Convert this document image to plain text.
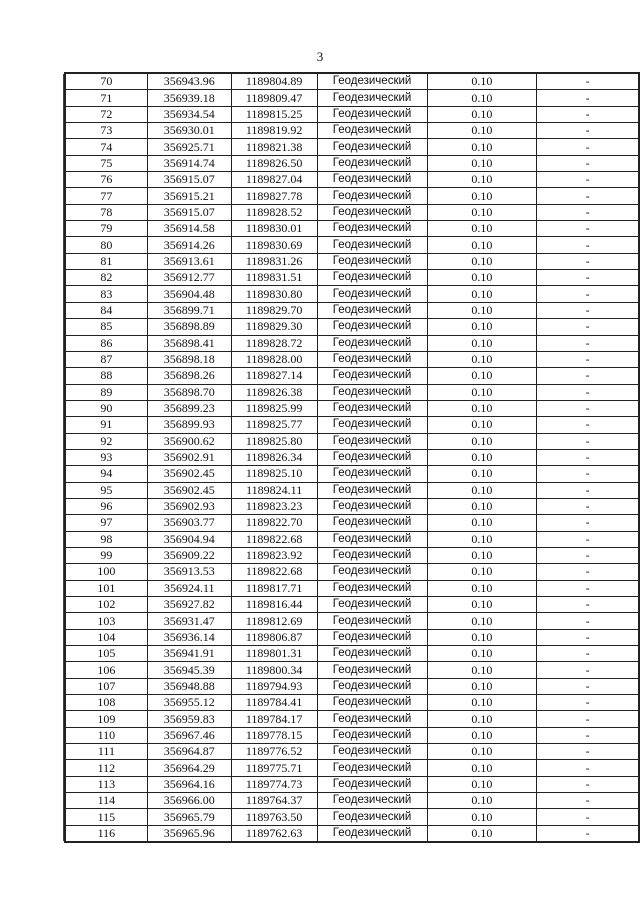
3
70	356943.96	1189804.89	Геодезический	0.10	-
71	356939.18	1189809.47	Геодезический	0.10	-
72	356934.54	1189815.25	Геодезический	0.10	-
73	356930.01	1189819.92	Геодезический	0.10	-
74	356925.71	1189821.38	Геодезический	0.10	-
75	356914.74	1189826.50	Геодезический	0.10	-
76	356915.07	1189827.04	Геодезический	0.10	-
77	356915.21	1189827.78	Геодезический	0.10	-
78	356915.07	1189828.52	Геодезический	0.10	-
79	356914.58	1189830.01	Геодезический	0.10	-
80	356914.26	1189830.69	Геодезический	0.10	-
81	356913.61	1189831.26	Геодезический	0.10	-
82	356912.77	1189831.51	Геодезический	0.10	-
83	356904.48	1189830.80	Геодезический	0.10	-
84	356899.71	1189829.70	Геодезический	0.10	-
85	356898.89	1189829.30	Геодезический	0.10	-
86	356898.41	1189828.72	Геодезический	0.10	-
87	356898.18	1189828.00	Геодезический	0.10	-
88	356898.26	1189827.14	Геодезический	0.10	-
89	356898.70	1189826.38	Геодезический	0.10	-
90	356899.23	1189825.99	Геодезический	0.10	-
91	356899.93	1189825.77	Геодезический	0.10	-
92	356900.62	1189825.80	Геодезический	0.10	-
93	356902.91	1189826.34	Геодезический	0.10	-
94	356902.45	1189825.10	Геодезический	0.10	-
95	356902.45	1189824.11	Геодезический	0.10	-
96	356902.93	1189823.23	Геодезический	0.10	-
97	356903.77	1189822.70	Геодезический	0.10	-
98	356904.94	1189822.68	Геодезический	0.10	-
99	356909.22	1189823.92	Геодезический	0.10	-
100	356913.53	1189822.68	Геодезический	0.10	-
101	356924.11	1189817.71	Геодезический	0.10	-
102	356927.82	1189816.44	Геодезический	0.10	-
103	356931.47	1189812.69	Геодезический	0.10	-
104	356936.14	1189806.87	Геодезический	0.10	-
105	356941.91	1189801.31	Геодезический	0.10	-
106	356945.39	1189800.34	Геодезический	0.10	-
107	356948.88	1189794.93	Геодезический	0.10	-
108	356955.12	1189784.41	Геодезический	0.10	-
109	356959.83	1189784.17	Геодезический	0.10	-
110	356967.46	1189778.15	Геодезический	0.10	-
111	356964.87	1189776.52	Геодезический	0.10	-
112	356964.29	1189775.71	Геодезический	0.10	-
113	356964.16	1189774.73	Геодезический	0.10	-
114	356966.00	1189764.37	Геодезический	0.10	-
115	356965.79	1189763.50	Геодезический	0.10	-
116	356965.96	1189762.63	Геодезический	0.10	-
